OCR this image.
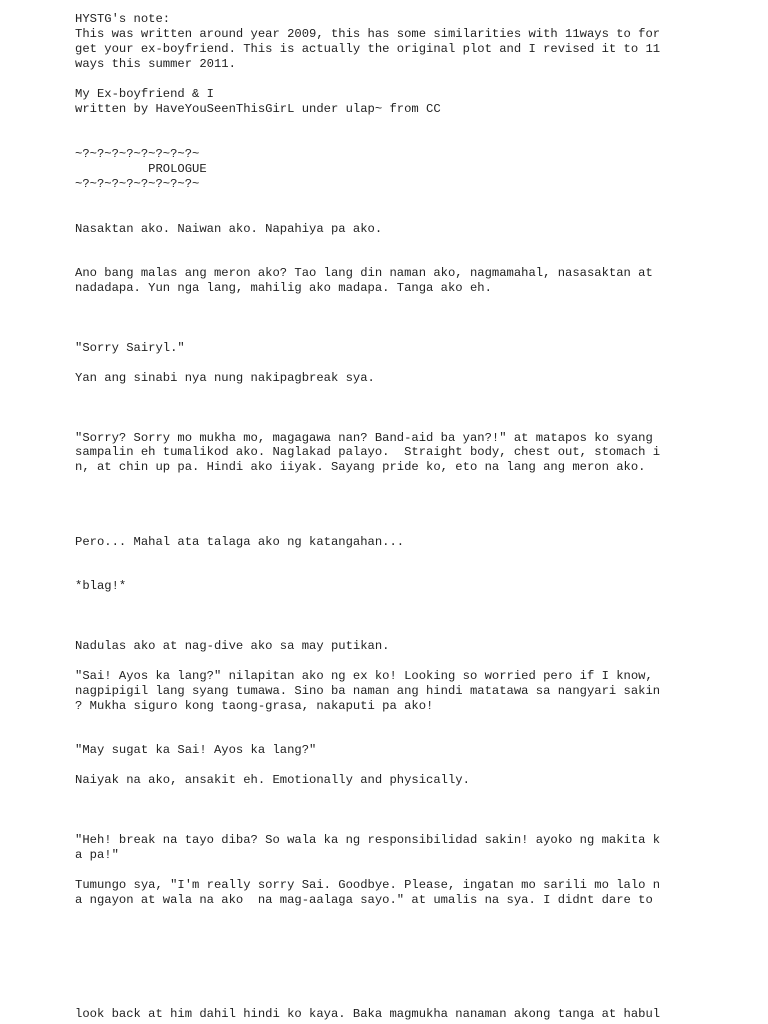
HYSTG's note:

This was written around year 2009, this has some similarities with 11ways to for

get your ex-boyfriend. This is actually the original plot and I revised it to 11

ways this summer 2011.

My Ex-boyfriend & I

written by HaveYouSeenThisGirL under ulap~ from CC

~?~?~?~?~?~?~?~?~

PROLOGUE

~?~?~?~?~?~?~?~?~

Nasaktan ako. Naiwan ako. Napahiya pa ako.

Ano bang malas ang meron ako? Tao lang din naman ako, nagmamahal, nasasaktan at

nadadapa. Yun nga lang, mahilig ako madapa. Tanga ako eh.

"Sorry Sairyl."

Yan ang sinabi nya nung nakipagbreak sya.

"Sorry? Sorry mo mukha mo, magagawa nan? Band-aid ba yan?!" at matapos ko syang

sampalin eh tumalikod ako. Naglakad palayo.  Straight body, chest out, stomach i

n, at chin up pa. Hindi ako iiyak. Sayang pride ko, eto na lang ang meron ako.

Pero... Mahal ata talaga ako ng katangahan...

*blag!*

Nadulas ako at nag-dive ako sa may putikan.

"Sai! Ayos ka lang?" nilapitan ako ng ex ko! Looking so worried pero if I know,

nagpipigil lang syang tumawa. Sino ba naman ang hindi matatawa sa nangyari sakin

? Mukha siguro kong taong-grasa, nakaputi pa ako!

"May sugat ka Sai! Ayos ka lang?"

Naiyak na ako, ansakit eh. Emotionally and physically.

"Heh! break na tayo diba? So wala ka ng responsibilidad sakin! ayoko ng makita k

a pa!"

Tumungo sya, "I'm really sorry Sai. Goodbye. Please, ingatan mo sarili mo lalo n

a ngayon at wala na ako  na mag-aalaga sayo." at umalis na sya. I didnt dare to

look back at him dahil hindi ko kaya. Baka magmukha nanaman akong tanga at habul
